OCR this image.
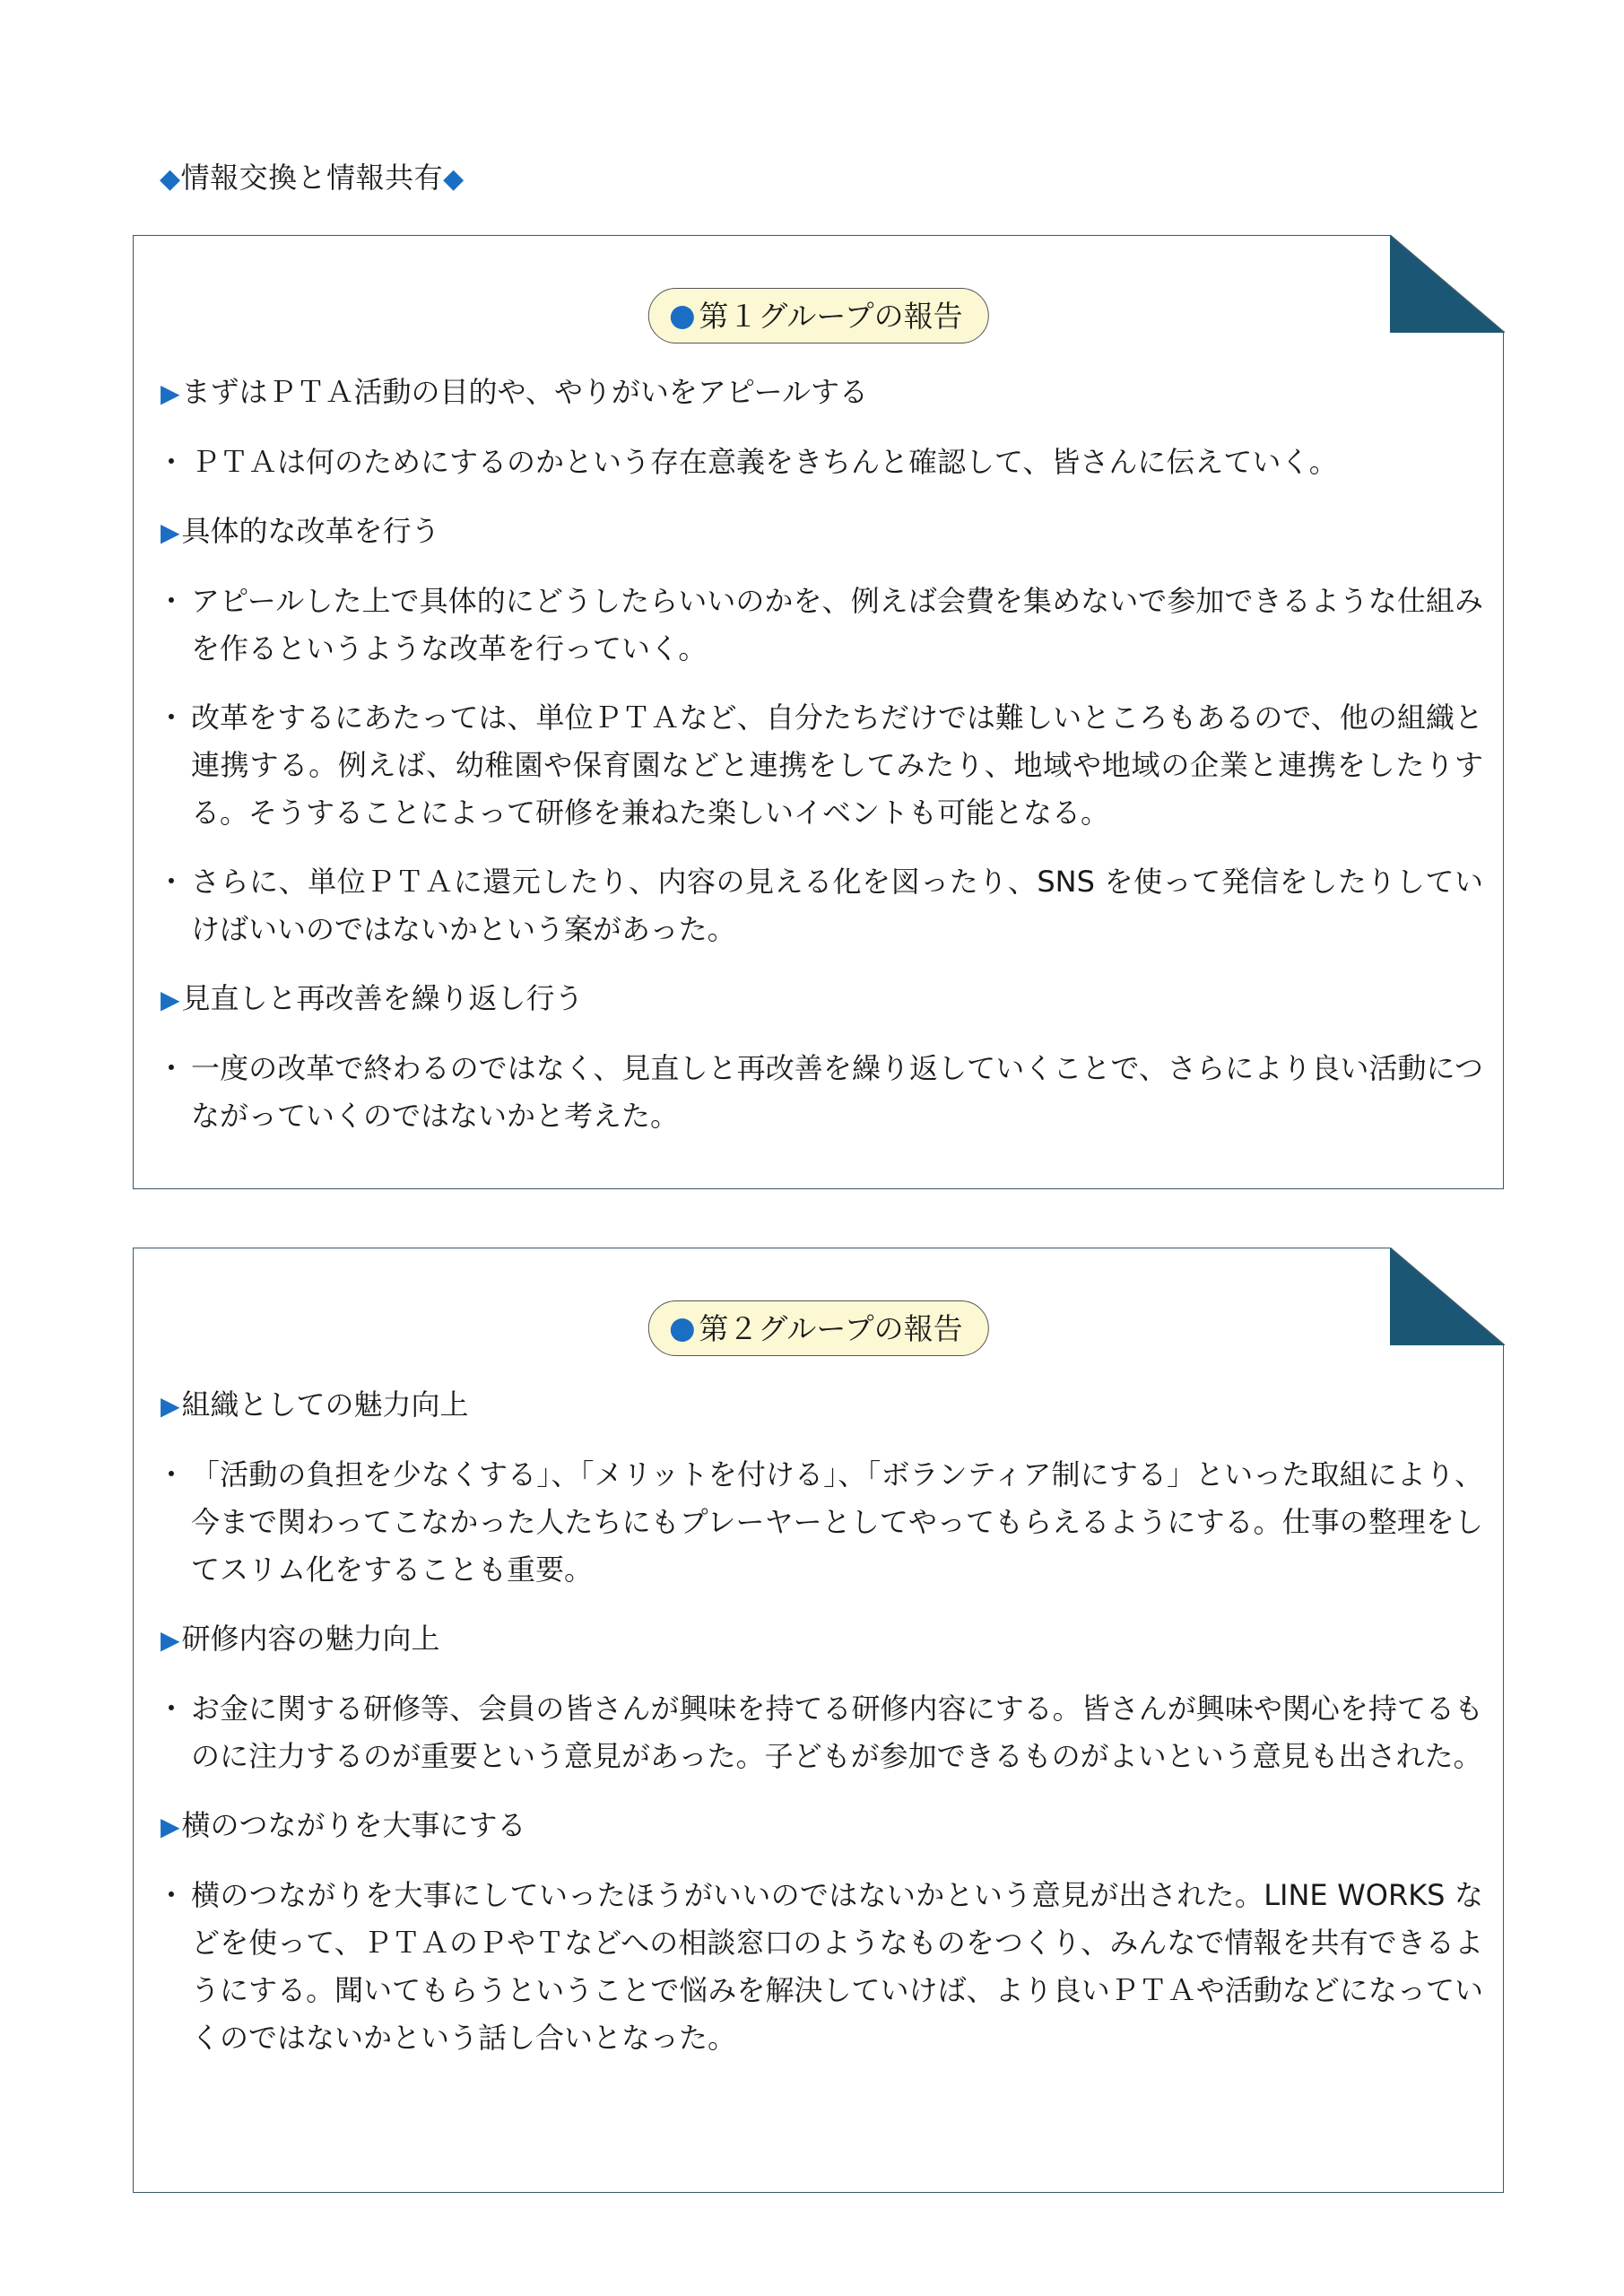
◆情報交換と情報共有◆
第１グループの報告
▶まずはＰＴＡ活動の目的や、やりがいをアピールする
・ ＰＴＡは何のためにするのかという存在意義をきちんと確認して、皆さんに伝えていく。
▶具体的な改革を行う
・ アピールした上で具体的にどうしたらいいのかを、例えば会費を集めないで参加できるような仕組みを作るというような改革を行っていく。
・ 改革をするにあたっては、単位ＰＴＡなど、自分たちだけでは難しいところもあるので、他の組織と連携する。例えば、幼稚園や保育園などと連携をしてみたり、地域や地域の企業と連携をしたりする。そうすることによって研修を兼ねた楽しいイベントも可能となる。
・ さらに、単位ＰＴＡに還元したり、内容の見える化を図ったり、SNS を使って発信をしたりしていけばいいのではないかという案があった。
▶見直しと再改善を繰り返し行う
・ 一度の改革で終わるのではなく、見直しと再改善を繰り返していくことで、さらにより良い活動につながっていくのではないかと考えた。
第２グループの報告
▶組織としての魅力向上
・ 「活動の負担を少なくする」、「メリットを付ける」、「ボランティア制にする」といった取組により、今まで関わってこなかった人たちにもプレーヤーとしてやってもらえるようにする。仕事の整理をしてスリム化をすることも重要。
▶研修内容の魅力向上
・ お金に関する研修等、会員の皆さんが興味を持てる研修内容にする。皆さんが興味や関心を持てるものに注力するのが重要という意見があった。子どもが参加できるものがよいという意見も出された。
▶横のつながりを大事にする
・ 横のつながりを大事にしていったほうがいいのではないかという意見が出された。LINE WORKS などを使って、ＰＴＡのＰやＴなどへの相談窓口のようなものをつくり、みんなで情報を共有できるようにする。聞いてもらうということで悩みを解決していけば、より良いＰＴＡや活動などになっていくのではないかという話し合いとなった。
